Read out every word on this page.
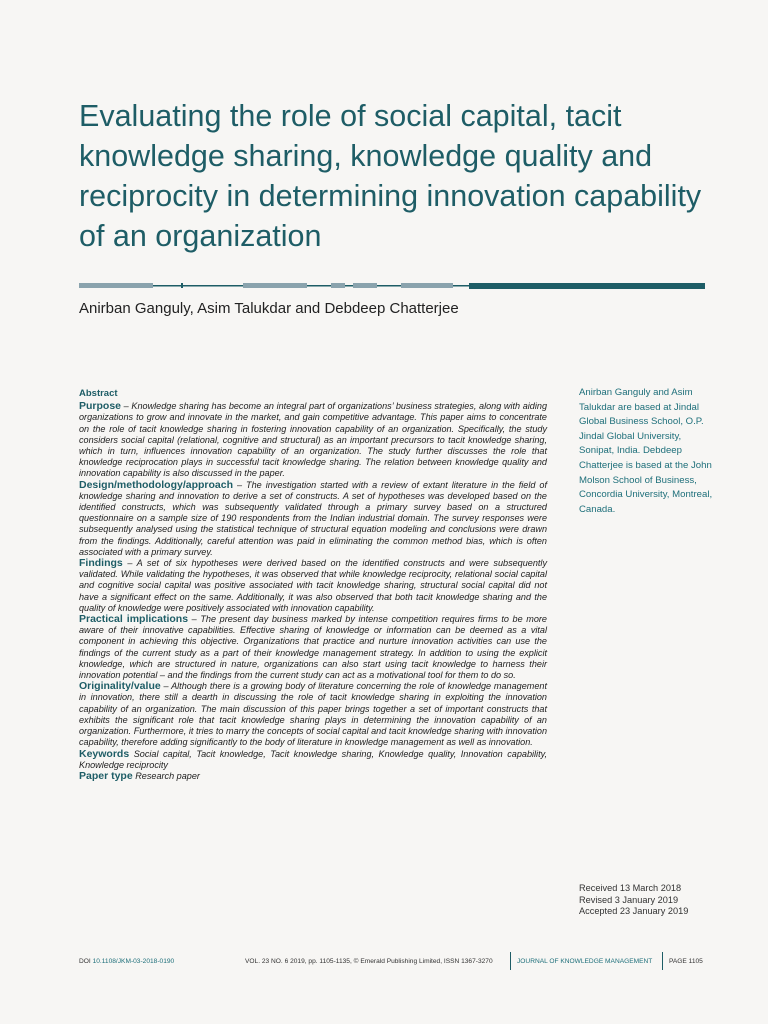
Evaluating the role of social capital, tacit knowledge sharing, knowledge quality and reciprocity in determining innovation capability of an organization
Anirban Ganguly, Asim Talukdar and Debdeep Chatterjee
Abstract

Purpose – Knowledge sharing has become an integral part of organizations’ business strategies, along with aiding organizations to grow and innovate in the market, and gain competitive advantage. This paper aims to concentrate on the role of tacit knowledge sharing in fostering innovation capability of an organization. Specifically, the study considers social capital (relational, cognitive and structural) as an important precursors to tacit knowledge sharing, which in turn, influences innovation capability of an organization. The study further discusses the role that knowledge reciprocation plays in successful tacit knowledge sharing. The relation between knowledge quality and innovation capability is also discussed in the paper.

Design/methodology/approach – The investigation started with a review of extant literature in the field of knowledge sharing and innovation to derive a set of constructs. A set of hypotheses was developed based on the identified constructs, which was subsequently validated through a primary survey based on a structured questionnaire on a sample size of 190 respondents from the Indian industrial domain. The survey responses were subsequently analysed using the statistical technique of structural equation modeling and conclusions were drawn from the findings. Additionally, careful attention was paid in eliminating the common method bias, which is often associated with a primary survey.

Findings – A set of six hypotheses were derived based on the identified constructs and were subsequently validated. While validating the hypotheses, it was observed that while knowledge reciprocity, relational social capital and cognitive social capital was positive associated with tacit knowledge sharing, structural social capital did not have a significant effect on the same. Additionally, it was also observed that both tacit knowledge sharing and the quality of knowledge were positively associated with innovation capability.

Practical implications – The present day business marked by intense competition requires firms to be more aware of their innovative capabilities. Effective sharing of knowledge or information can be deemed as a vital component in achieving this objective. Organizations that practice and nurture innovation activities can use the findings of the current study as a part of their knowledge management strategy. In addition to using the explicit knowledge, which are structured in nature, organizations can also start using tacit knowledge to harness their innovation potential – and the findings from the current study can act as a motivational tool for them to do so.

Originality/value – Although there is a growing body of literature concerning the role of knowledge management in innovation, there still a dearth in discussing the role of tacit knowledge sharing in exploiting the innovation capability of an organization. The main discussion of this paper brings together a set of important constructs that exhibits the significant role that tacit knowledge sharing plays in determining the innovation capability of an organization. Furthermore, it tries to marry the concepts of social capital and tacit knowledge sharing with innovation capability, therefore adding significantly to the body of literature in knowledge management as well as innovation.

Keywords Social capital, Tacit knowledge, Tacit knowledge sharing, Knowledge quality, Innovation capability, Knowledge reciprocity

Paper type Research paper

Anirban Ganguly and Asim Talukdar are based at Jindal Global Business School, O.P. Jindal Global University, Sonipat, India. Debdeep Chatterjee is based at the John Molson School of Business, Concordia University, Montreal, Canada.
Received 13 March 2018
Revised 3 January 2019
Accepted 23 January 2019
DOI 10.1108/JKM-03-2018-0190	VOL. 23 NO. 6 2019, pp. 1105-1135, © Emerald Publishing Limited, ISSN 1367-3270	JOURNAL OF KNOWLEDGE MANAGEMENT	PAGE 1105
